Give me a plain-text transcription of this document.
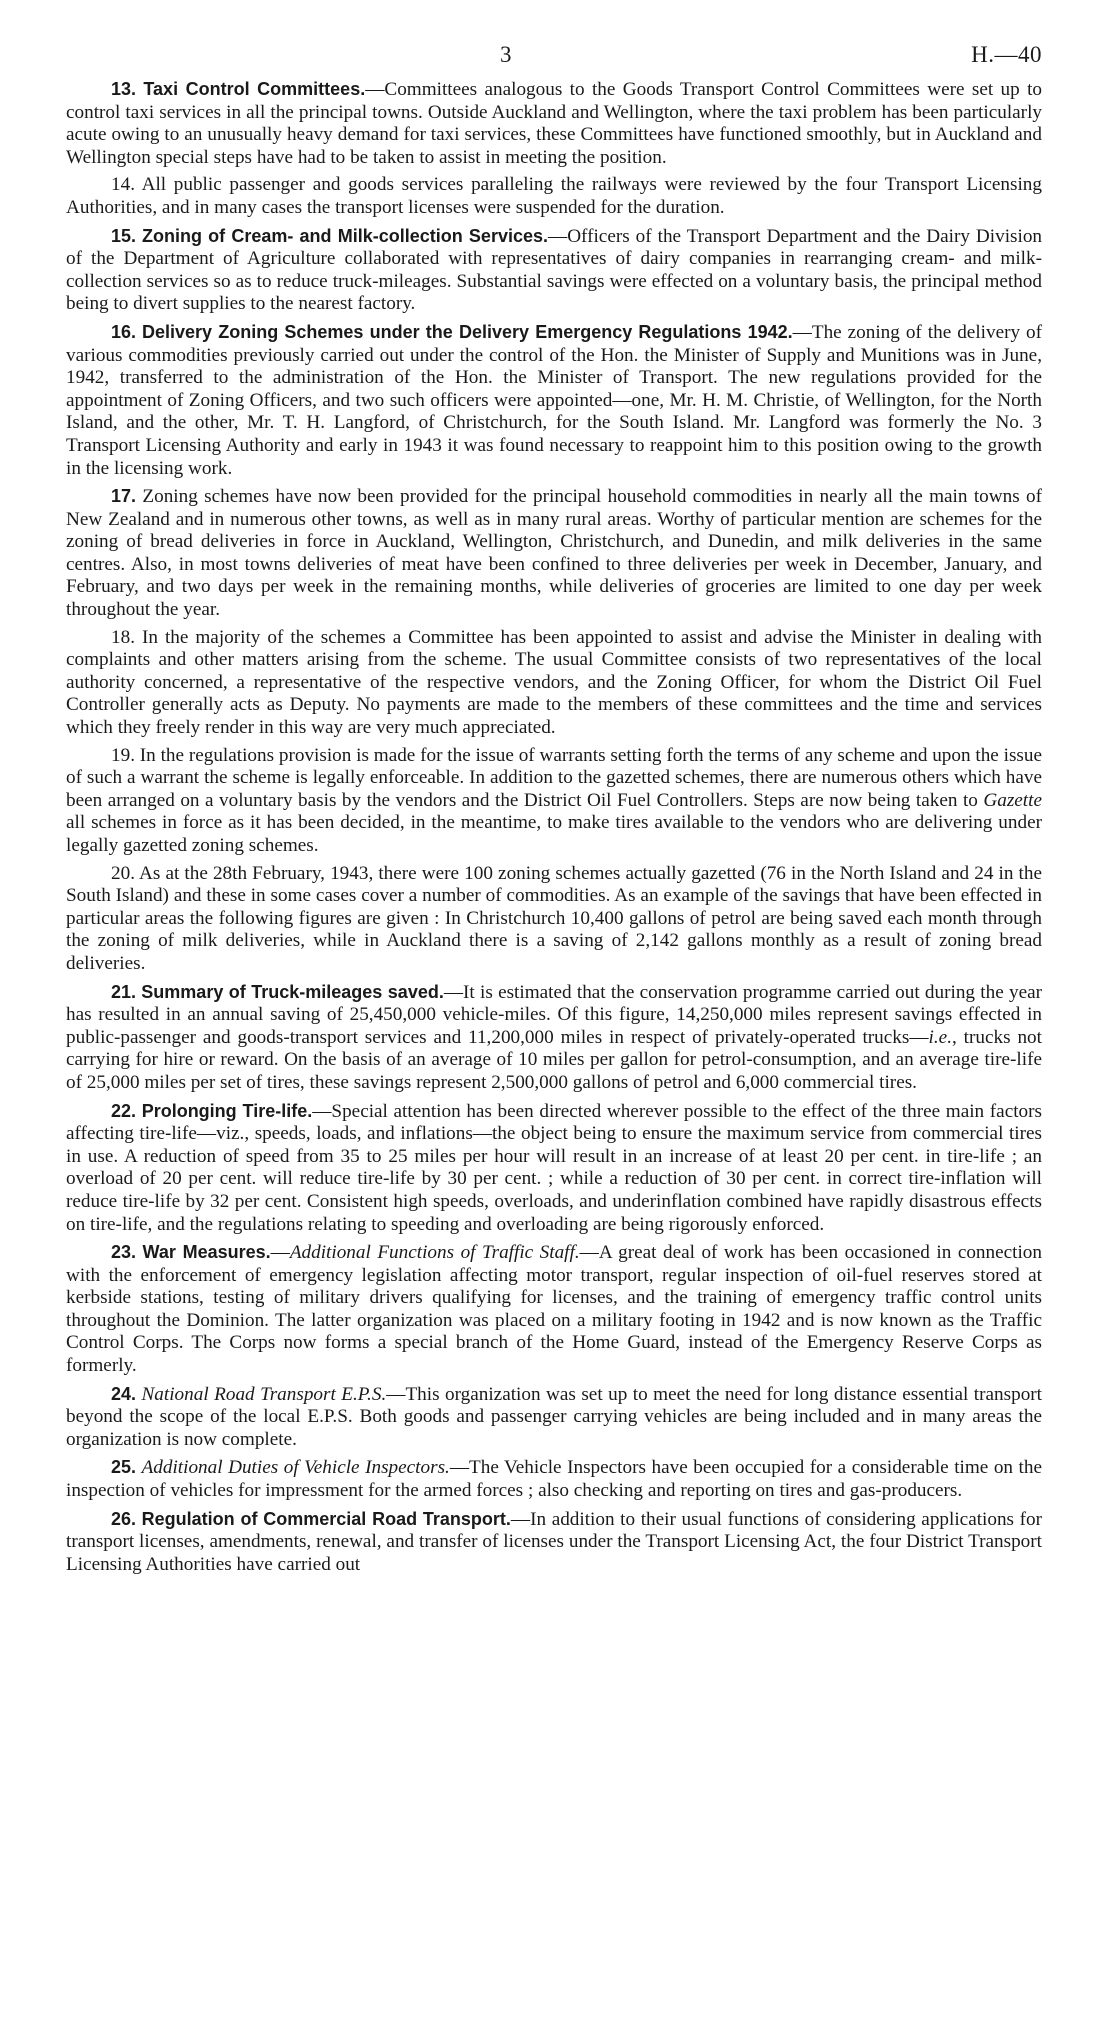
3	H.—40

13. Taxi Control Committees.—Committees analogous to the Goods Transport Control Committees were set up to control taxi services in all the principal towns. Outside Auckland and Wellington, where the taxi problem has been particularly acute owing to an unusually heavy demand for taxi services, these Committees have functioned smoothly, but in Auckland and Wellington special steps have had to be taken to assist in meeting the position.

14. All public passenger and goods services paralleling the railways were reviewed by the four Transport Licensing Authorities, and in many cases the transport licenses were suspended for the duration.

15. Zoning of Cream- and Milk-collection Services.—Officers of the Transport Department and the Dairy Division of the Department of Agriculture collaborated with representatives of dairy companies in rearranging cream- and milk-collection services so as to reduce truck-mileages. Substantial savings were effected on a voluntary basis, the principal method being to divert supplies to the nearest factory.

16. Delivery Zoning Schemes under the Delivery Emergency Regulations 1942.—The zoning of the delivery of various commodities previously carried out under the control of the Hon. the Minister of Supply and Munitions was in June, 1942, transferred to the administration of the Hon. the Minister of Transport. The new regulations provided for the appointment of Zoning Officers, and two such officers were appointed—one, Mr. H. M. Christie, of Wellington, for the North Island, and the other, Mr. T. H. Langford, of Christchurch, for the South Island. Mr. Langford was formerly the No. 3 Transport Licensing Authority and early in 1943 it was found necessary to reappoint him to this position owing to the growth in the licensing work.

17. Zoning schemes have now been provided for the principal household commodities in nearly all the main towns of New Zealand and in numerous other towns, as well as in many rural areas. Worthy of particular mention are schemes for the zoning of bread deliveries in force in Auckland, Wellington, Christchurch, and Dunedin, and milk deliveries in the same centres. Also, in most towns deliveries of meat have been confined to three deliveries per week in December, January, and February, and two days per week in the remaining months, while deliveries of groceries are limited to one day per week throughout the year.

18. In the majority of the schemes a Committee has been appointed to assist and advise the Minister in dealing with complaints and other matters arising from the scheme. The usual Committee consists of two representatives of the local authority concerned, a representative of the respective vendors, and the Zoning Officer, for whom the District Oil Fuel Controller generally acts as Deputy. No payments are made to the members of these committees and the time and services which they freely render in this way are very much appreciated.

19. In the regulations provision is made for the issue of warrants setting forth the terms of any scheme and upon the issue of such a warrant the scheme is legally enforceable. In addition to the gazetted schemes, there are numerous others which have been arranged on a voluntary basis by the vendors and the District Oil Fuel Controllers. Steps are now being taken to Gazette all schemes in force as it has been decided, in the meantime, to make tires available to the vendors who are delivering under legally gazetted zoning schemes.

20. As at the 28th February, 1943, there were 100 zoning schemes actually gazetted (76 in the North Island and 24 in the South Island) and these in some cases cover a number of commodities. As an example of the savings that have been effected in particular areas the following figures are given : In Christchurch 10,400 gallons of petrol are being saved each month through the zoning of milk deliveries, while in Auckland there is a saving of 2,142 gallons monthly as a result of zoning bread deliveries.

21. Summary of Truck-mileages saved.—It is estimated that the conservation programme carried out during the year has resulted in an annual saving of 25,450,000 vehicle-miles. Of this figure, 14,250,000 miles represent savings effected in public-passenger and goods-transport services and 11,200,000 miles in respect of privately-operated trucks—i.e., trucks not carrying for hire or reward. On the basis of an average of 10 miles per gallon for petrol-consumption, and an average tire-life of 25,000 miles per set of tires, these savings represent 2,500,000 gallons of petrol and 6,000 commercial tires.

22. Prolonging Tire-life.—Special attention has been directed wherever possible to the effect of the three main factors affecting tire-life—viz., speeds, loads, and inflations—the object being to ensure the maximum service from commercial tires in use. A reduction of speed from 35 to 25 miles per hour will result in an increase of at least 20 per cent. in tire-life ; an overload of 20 per cent. will reduce tire-life by 30 per cent. ; while a reduction of 30 per cent. in correct tire-inflation will reduce tire-life by 32 per cent. Consistent high speeds, overloads, and underinflation combined have rapidly disastrous effects on tire-life, and the regulations relating to speeding and overloading are being rigorously enforced.

23. War Measures.—Additional Functions of Traffic Staff.—A great deal of work has been occasioned in connection with the enforcement of emergency legislation affecting motor transport, regular inspection of oil-fuel reserves stored at kerbside stations, testing of military drivers qualifying for licenses, and the training of emergency traffic control units throughout the Dominion. The latter organization was placed on a military footing in 1942 and is now known as the Traffic Control Corps. The Corps now forms a special branch of the Home Guard, instead of the Emergency Reserve Corps as formerly.

24. National Road Transport E.P.S.—This organization was set up to meet the need for long distance essential transport beyond the scope of the local E.P.S. Both goods and passenger carrying vehicles are being included and in many areas the organization is now complete.

25. Additional Duties of Vehicle Inspectors.—The Vehicle Inspectors have been occupied for a considerable time on the inspection of vehicles for impressment for the armed forces ; also checking and reporting on tires and gas-producers.

26. Regulation of Commercial Road Transport.—In addition to their usual functions of considering applications for transport licenses, amendments, renewal, and transfer of licenses under the Transport Licensing Act, the four District Transport Licensing Authorities have carried out
